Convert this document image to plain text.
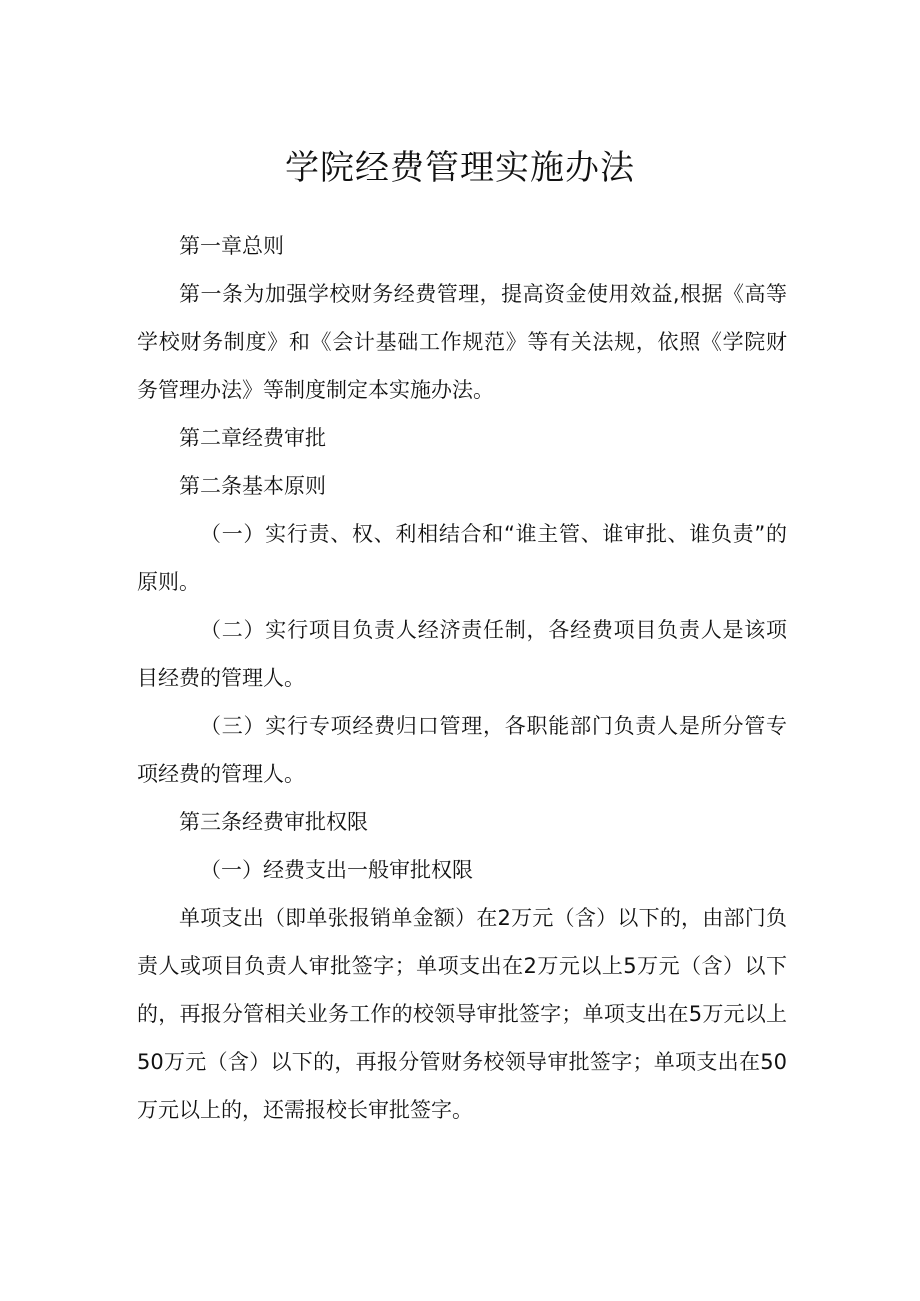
学院经费管理实施办法

第一章总则

第一条为加强学校财务经费管理，提高资金使用效益,根据《高等学校财务制度》和《会计基础工作规范》等有关法规，依照《学院财务管理办法》等制度制定本实施办法。

第二章经费审批

第二条基本原则

（一）实行责、权、利相结合和“谁主管、谁审批、谁负责”的原则。

（二）实行项目负责人经济责任制，各经费项目负责人是该项目经费的管理人。

（三）实行专项经费归口管理，各职能部门负责人是所分管专项经费的管理人。

第三条经费审批权限

（一）经费支出一般审批权限

单项支出（即单张报销单金额）在2万元（含）以下的，由部门负责人或项目负责人审批签字；单项支出在2万元以上5万元（含）以下的，再报分管相关业务工作的校领导审批签字；单项支出在5万元以上50万元（含）以下的，再报分管财务校领导审批签字；单项支出在50万元以上的，还需报校长审批签字。
